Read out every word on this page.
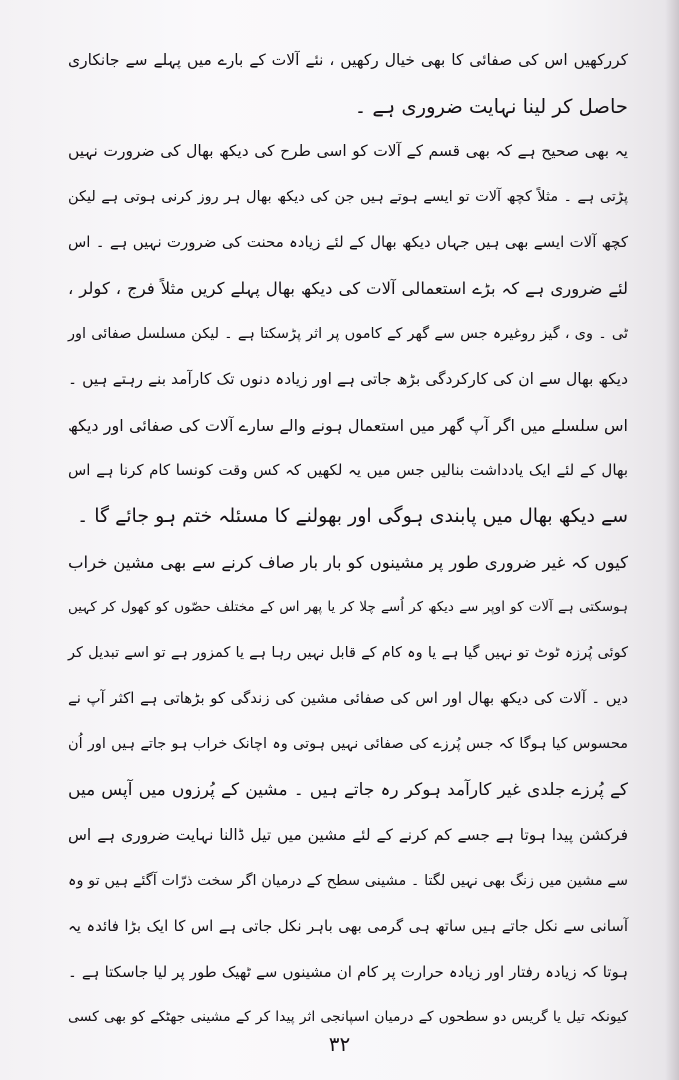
کررکھیں اس کی صفائی کا بھی خیال رکھیں ، نئے آلات کے بارے میں پہلے سے جانکاری
حاصل کر لینا نہایت ضروری ہے ۔
یہ بھی صحیح ہے کہ بھی قسم کے آلات کو اسی طرح کی دیکھ بھال کی ضرورت نہیں
پڑتی ہے ۔ مثلاً کچھ آلات تو ایسے ہوتے ہیں جن کی دیکھ بھال ہر روز کرنی ہوتی ہے لیکن
کچھ آلات ایسے بھی ہیں جہاں دیکھ بھال کے لئے زیادہ محنت کی ضرورت نہیں ہے ۔ اس
لئے ضروری ہے کہ بڑے استعمالی آلات کی دیکھ بھال پہلے کریں مثلاً فرج ، کولر ،
ٹی ۔ وی ، گیز روغیرہ جس سے گھر کے کاموں پر اثر پڑسکتا ہے ۔ لیکن مسلسل صفائی اور
دیکھ بھال سے ان کی کارکردگی بڑھ جاتی ہے اور زیادہ دنوں تک کارآمد بنے رہتے ہیں ۔
اس سلسلے میں اگر آپ گھر میں استعمال ہونے والے سارے آلات کی صفائی اور دیکھ
بھال کے لئے ایک یادداشت بنالیں جس میں یہ لکھیں کہ کس وقت کونسا کام کرنا ہے اس
سے دیکھ بھال میں پابندی ہوگی اور بھولنے کا مسئلہ ختم ہو جائے گا ۔
کیوں کہ غیر ضروری طور پر مشینوں کو بار بار صاف کرنے سے بھی مشین خراب
ہوسکتی ہے آلات کو اوپر سے دیکھ کر اُسے چلا کر یا پھر اس کے مختلف حصّوں کو کھول کر کہیں
کوئی پُرزہ ٹوٹ تو نہیں گیا ہے یا وہ کام کے قابل نہیں رہا ہے یا کمزور ہے تو اسے تبدیل کر
دیں ۔ آلات کی دیکھ بھال اور اس کی صفائی مشین کی زندگی کو بڑھاتی ہے اکثر آپ نے
محسوس کیا ہوگا کہ جس پُرزے کی صفائی نہیں ہوتی وہ اچانک خراب ہو جاتے ہیں اور اُن
کے پُرزے جلدی غیر کارآمد ہوکر رہ جاتے ہیں ۔ مشین کے پُرزوں میں آپس میں
فرکشن پیدا ہوتا ہے جسے کم کرنے کے لئے مشین میں تیل ڈالنا نہایت ضروری ہے اس
سے مشین میں زنگ بھی نہیں لگتا ۔ مشینی سطح کے درمیان اگر سخت ذرّات آگئے ہیں تو وہ
آسانی سے نکل جاتے ہیں ساتھ ہی گرمی بھی باہر نکل جاتی ہے اس کا ایک بڑا فائدہ یہ
ہوتا کہ زیادہ رفتار اور زیادہ حرارت پر کام ان مشینوں سے ٹھیک طور پر لیا جاسکتا ہے ۔
کیونکہ تیل یا گریس دو سطحوں کے درمیان اسپانجی اثر پیدا کر کے مشینی جھٹکے کو بھی کسی
۳۲
